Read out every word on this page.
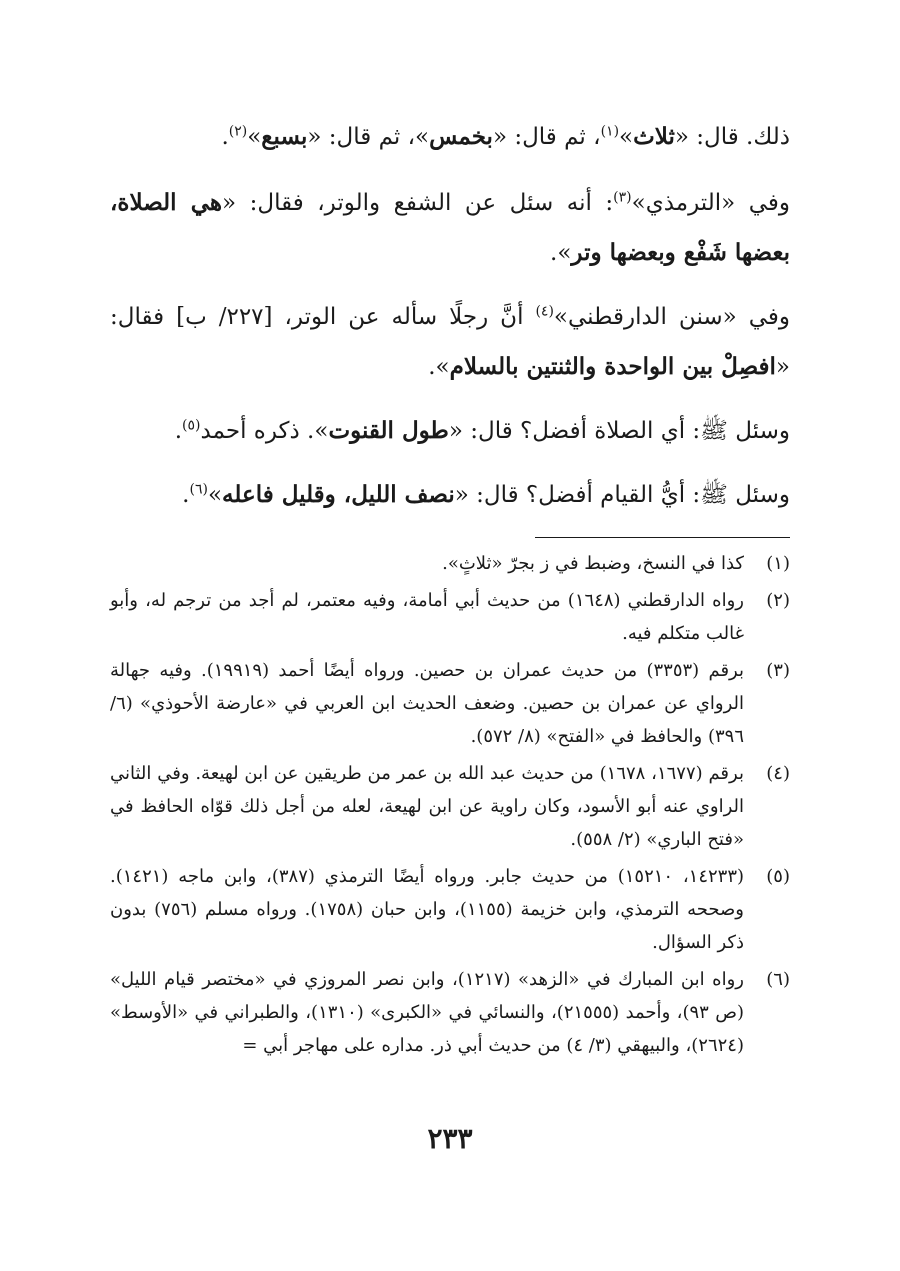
ذلك. قال: «ثلاث»$^{(١)}$، ثم قال: «بخمس»، ثم قال: «بسبع»$^{(٢)}$.

وفي «الترمذي»$^{(٣)}$: أنه سئل عن الشفع والوتر، فقال: «هي الصلاة، بعضها شَفْع وبعضها وتر».

وفي «سنن الدارقطني»$^{(٤)}$ أنَّ رجلًا سأله عن الوتر، [٢٢٧/ ب] فقال: «افصِلْ بين الواحدة والثنتين بالسلام».

وسئل ﷺ: أي الصلاة أفضل؟ قال: «طول القنوت». ذكره أحمد$^{(٥)}$.

وسئل ﷺ: أيُّ القيام أفضل؟ قال: «نصف الليل، وقليل فاعله»$^{(٦)}$.

(١)
كذا في النسخ، وضبط في ز بجرّ «ثلاثٍ».
(٢)
رواه الدارقطني (١٦٤٨) من حديث أبي أمامة، وفيه معتمر، لم أجد من ترجم له، وأبو غالب متكلم فيه.
(٣)
برقم (٣٣٥٣) من حديث عمران بن حصين. ورواه أيضًا أحمد (١٩٩١٩). وفيه جهالة الرواي عن عمران بن حصين. وضعف الحديث ابن العربي في «عارضة الأحوذي» (٦/ ٣٩٦) والحافظ في «الفتح» (٨/ ٥٧٢).
(٤)
برقم (١٦٧٧، ١٦٧٨) من حديث عبد الله بن عمر من طريقين عن ابن لهيعة. وفي الثاني الراوي عنه أبو الأسود، وكان راوية عن ابن لهيعة، لعله من أجل ذلك قوّاه الحافظ في «فتح الباري» (٢/ ٥٥٨).
(٥)
(١٤٢٣٣، ١٥٢١٠) من حديث جابر. ورواه أيضًا الترمذي (٣٨٧)، وابن ماجه (١٤٢١). وصححه الترمذي، وابن خزيمة (١١٥٥)، وابن حبان (١٧٥٨). ورواه مسلم (٧٥٦) بدون ذكر السؤال.
(٦)
رواه ابن المبارك في «الزهد» (١٢١٧)، وابن نصر المروزي في «مختصر قيام الليل» (ص ٩٣)، وأحمد (٢١٥٥٥)، والنسائي في «الكبرى» (١٣١٠)، والطبراني في «الأوسط» (٢٦٢٤)، والبيهقي (٣/ ٤) من حديث أبي ذر. مداره على مهاجر أبي =
٢٣٣
